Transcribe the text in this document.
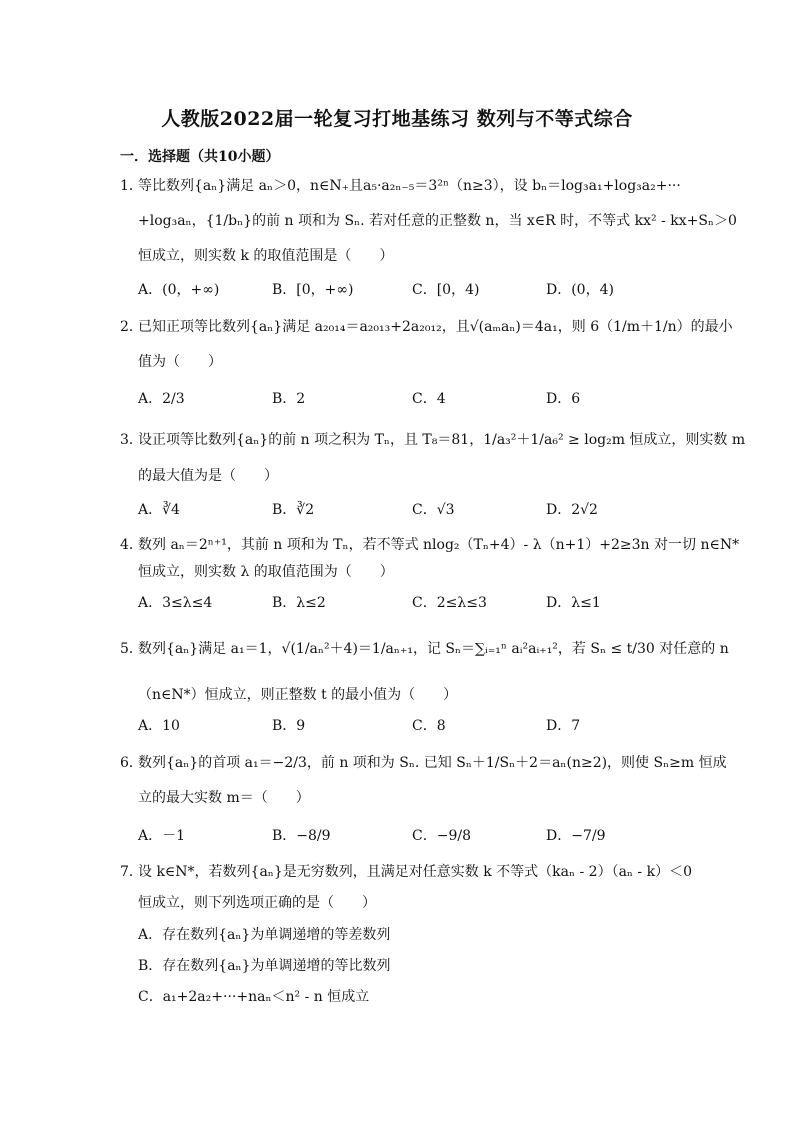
人教版2022届一轮复习打地基练习 数列与不等式综合
一．选择题（共10小题）
1．
等比数列{aₙ}满足 aₙ＞0，n∈N₊且a₅·a₂ₙ₋₅＝3²ⁿ（n≥3），设 bₙ＝log₃a₁+log₃a₂+···
+log₃aₙ，{1/bₙ}的前 n 项和为 Sₙ. 若对任意的正整数 n，当 x∈R 时，不等式 kx² - kx+Sₙ＞0
恒成立，则实数 k 的取值范围是（　　）
A．(0，+∞)	B．[0，+∞)	C．[0，4)	D．(0，4)
2．
已知正项等比数列{aₙ}满足 a₂₀₁₄＝a₂₀₁₃+2a₂₀₁₂，且√(aₘaₙ)＝4a₁，则 6（1/m＋1/n）的最小
值为（　　）
A．2/3	B．2	C．4	D．6
3．
设正项等比数列{aₙ}的前 n 项之积为 Tₙ，且 T₈＝81，1/a₃²＋1/a₆² ≥ log₂m 恒成立，则实数 m
的最大值为是（　　）
A．∛4	B．∛2	C．√3	D．2√2
4．
数列 aₙ＝2ⁿ⁺¹，其前 n 项和为 Tₙ，若不等式 nlog₂（Tₙ+4）- λ（n+1）+2≥3n 对一切 n∈N*
恒成立，则实数 λ 的取值范围为（　　）
A．3≤λ≤4	B．λ≤2	C．2≤λ≤3	D．λ≤1
5．
数列{aₙ}满足 a₁＝1，√(1/aₙ²＋4)＝1/aₙ₊₁，记 Sₙ＝∑ᵢ₌₁ⁿ aᵢ²aᵢ₊₁²，若 Sₙ ≤ t/30 对任意的 n
（n∈N*）恒成立，则正整数 t 的最小值为（　　）
A．10	B．9	C．8	D．7
6．
数列{aₙ}的首项 a₁＝−2/3，前 n 项和为 Sₙ. 已知 Sₙ＋1/Sₙ＋2＝aₙ(n≥2)，则使 Sₙ≥m 恒成
立的最大实数 m＝（　　）
A．－1	B．−8/9	C．−9/8	D．−7/9
7．
设 k∈N*，若数列{aₙ}是无穷数列，且满足对任意实数 k 不等式（kaₙ - 2）（aₙ - k）＜0
恒成立，则下列选项正确的是（　　）
A．存在数列{aₙ}为单调递增的等差数列
B．存在数列{aₙ}为单调递增的等比数列
C．a₁+2a₂+···+naₙ＜n² - n 恒成立
